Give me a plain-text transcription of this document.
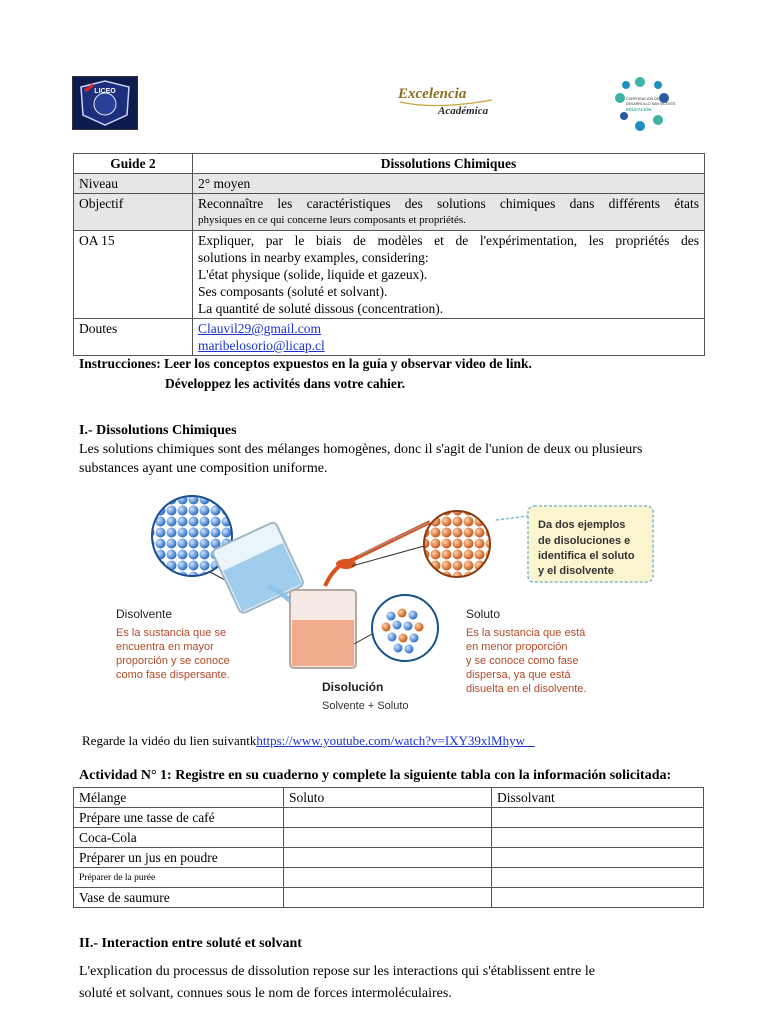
LICEO	Excelencia
Académica
CORPORACIÓN DE
DESARROLLO SAN VICENTE
EDUCACIÓN
Guide 2	Dissolutions Chimiques
Niveau	2° moyen
Objectif	Reconnaître les caractéristiques des solutions chimiques dans différents états
physiques en ce qui concerne leurs composants et propriétés.

OA 15	Expliquer, par le biais de modèles et de l'expérimentation, les propriétés des
solutions in nearby examples, considering:
L'état physique (solide, liquide et gazeux).
Ses composants (soluté et solvant).
La quantité de soluté dissous (concentration).

Doutes	Clauvil29@gmail.com
maribelosorio@licap.cl
Instrucciones: Leer los conceptos expuestos en la guía y observar video de link.
Développez les activités dans votre cahier.
I.- Dissolutions Chimiques
Les solutions chimiques sont des mélanges homogènes, donc il s'agit de l'union de deux ou plusieurs
substances ayant une composition uniforme.
Da dos ejemplos
de disoluciones e
identifica el soluto
y el disolvente
Disolvente
Es la sustancia que se
encuentra en mayor
proporción y se conoce
como fase dispersante.
Soluto
Es la sustancia que está
en menor proporción
y se conoce como fase
dispersa, ya que está
disuelta en el disolvente.
Disolución
Solvente + Soluto
Regarde la vidéo du lien suivantkhttps://www.youtube.com/watch?v=IXY39xlMhyw
Actividad N° 1: Registre en su cuaderno y complete la siguiente tabla con la información solicitada:
Mélange	Soluto	Dissolvant
Prépare une tasse de café		
Coca-Cola		
Préparer un jus en poudre		
Préparer de la purée		
Vase de saumure		
II.- Interaction entre soluté et solvant
L'explication du processus de dissolution repose sur les interactions qui s'établissent entre le
soluté et solvant, connues sous le nom de forces intermoléculaires.
